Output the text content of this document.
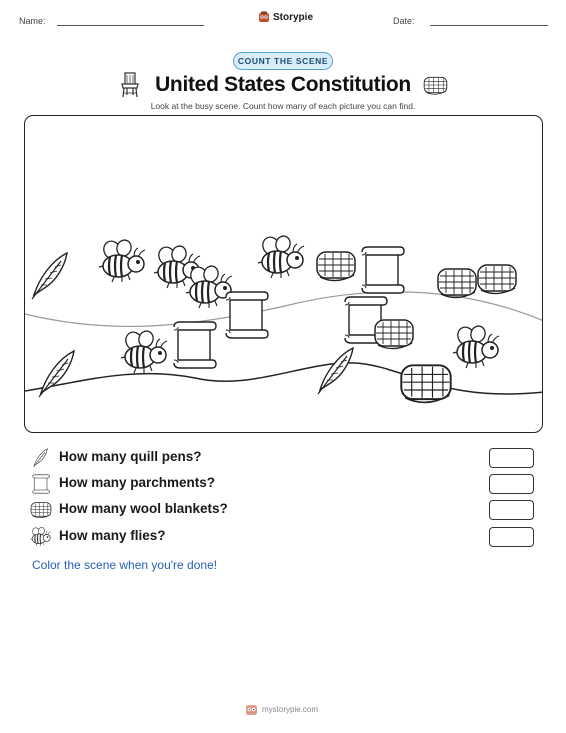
Name:	Storypie	Date:
COUNT THE SCENE
United States Constitution
Look at the busy scene. Count how many of each picture you can find.
How many quill pens?
How many parchments?
How many wool blankets?
How many flies?
Color the scene when you're done!
mystorypie.com
